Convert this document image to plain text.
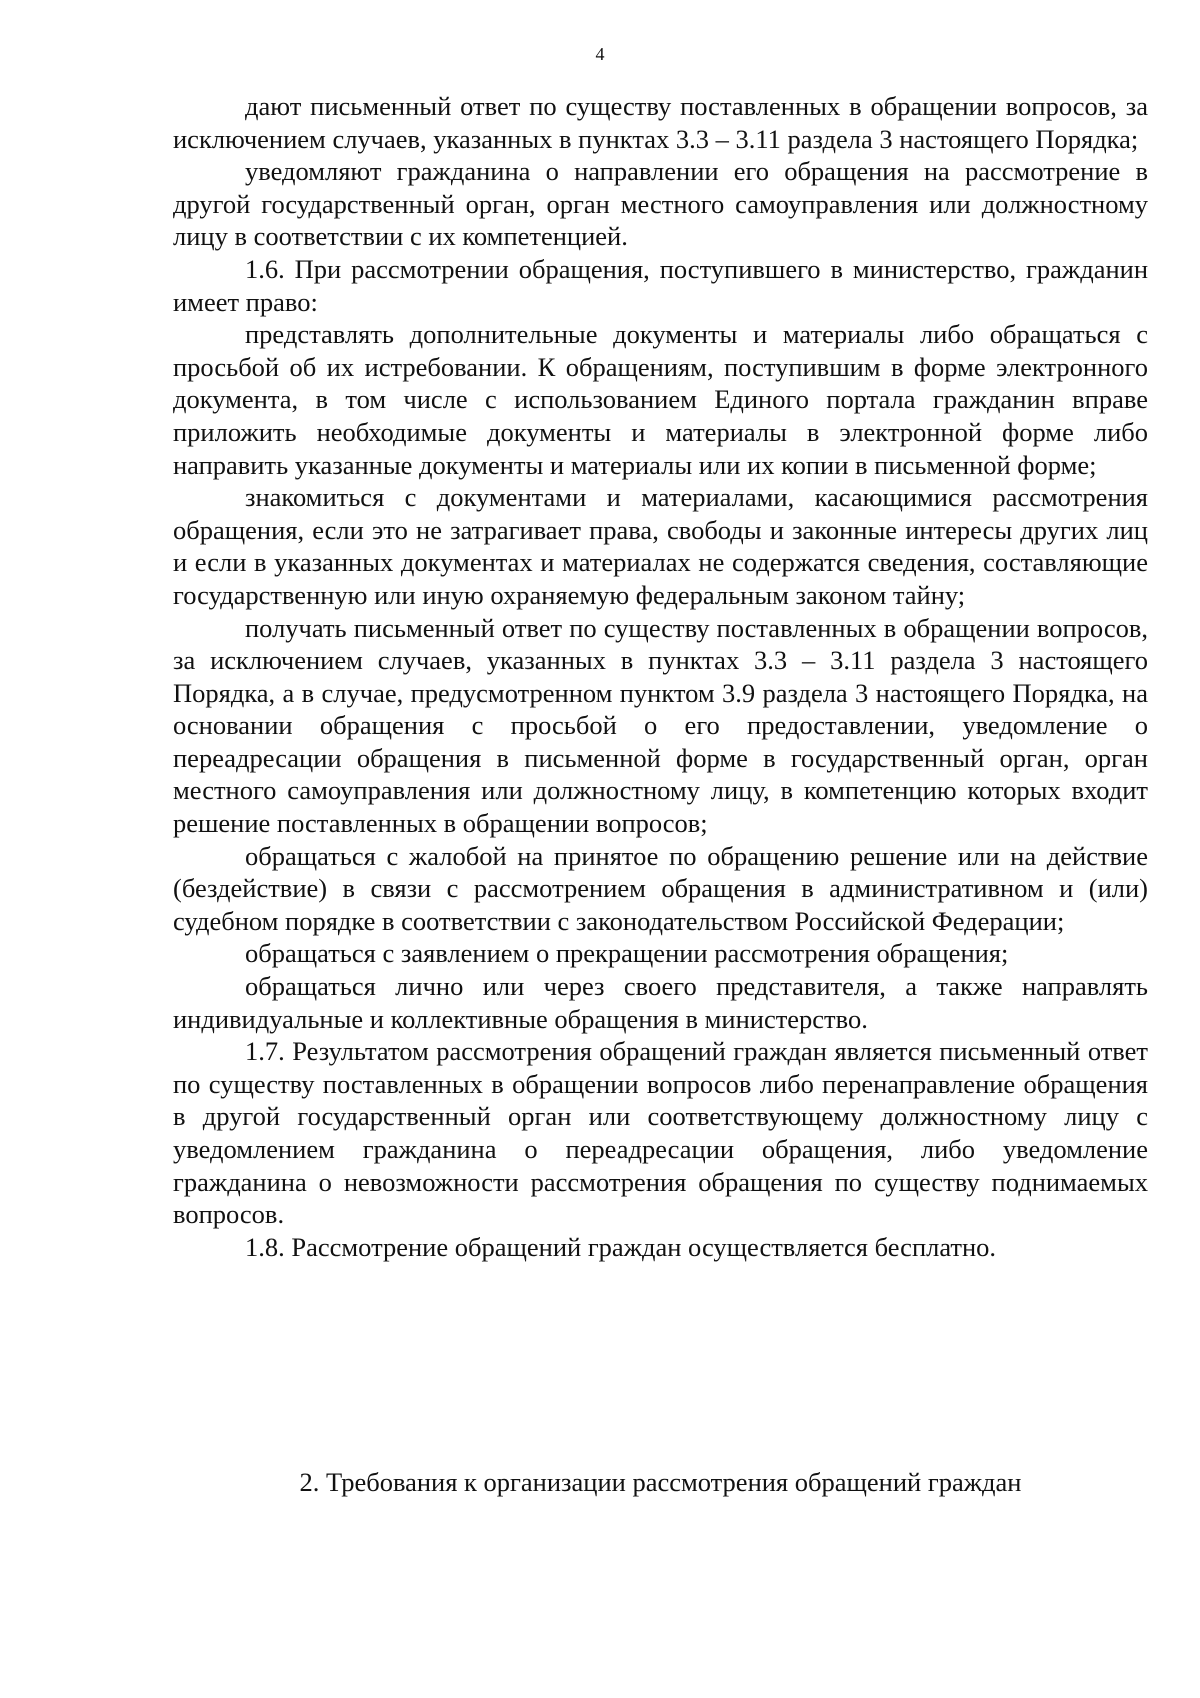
4

дают письменный ответ по существу поставленных в обращении вопросов, за исключением случаев, указанных в пунктах 3.3 – 3.11 раздела 3 настоящего Порядка;

уведомляют гражданина о направлении его обращения на рассмотрение в другой государственный орган, орган местного самоуправления или должностному лицу в соответствии с их компетенцией.

1.6. При рассмотрении обращения, поступившего в министерство, гражданин имеет право:

представлять дополнительные документы и материалы либо обращаться с просьбой об их истребовании. К обращениям, поступившим в форме электронного документа, в том числе с использованием Единого портала гражданин вправе приложить необходимые документы и материалы в электронной форме либо направить указанные документы и материалы или их копии в письменной форме;

знакомиться с документами и материалами, касающимися рассмотрения обращения, если это не затрагивает права, свободы и законные интересы других лиц и если в указанных документах и материалах не содержатся сведения, составляющие государственную или иную охраняемую федеральным законом тайну;

получать письменный ответ по существу поставленных в обращении вопросов, за исключением случаев, указанных в пунктах 3.3 – 3.11 раздела 3 настоящего Порядка, а в случае, предусмотренном пунктом 3.9 раздела 3 настоящего Порядка, на основании обращения с просьбой о его предоставлении, уведомление о переадресации обращения в письменной форме в государственный орган, орган местного самоуправления или должностному лицу, в компетенцию которых входит решение поставленных в обращении вопросов;

обращаться с жалобой на принятое по обращению решение или на действие (бездействие) в связи с рассмотрением обращения в административном и (или) судебном порядке в соответствии с законодательством Российской Федерации;

обращаться с заявлением о прекращении рассмотрения обращения;

обращаться лично или через своего представителя, а также направлять индивидуальные и коллективные обращения в министерство.

1.7. Результатом рассмотрения обращений граждан является письменный ответ по существу поставленных в обращении вопросов либо перенаправление обращения в другой государственный орган или соответствующему должностному лицу с уведомлением гражданина о переадресации обращения, либо уведомление гражданина о невозможности рассмотрения обращения по существу поднимаемых вопросов.

1.8. Рассмотрение обращений граждан осуществляется бесплатно.

2. Требования к организации рассмотрения обращений граждан
